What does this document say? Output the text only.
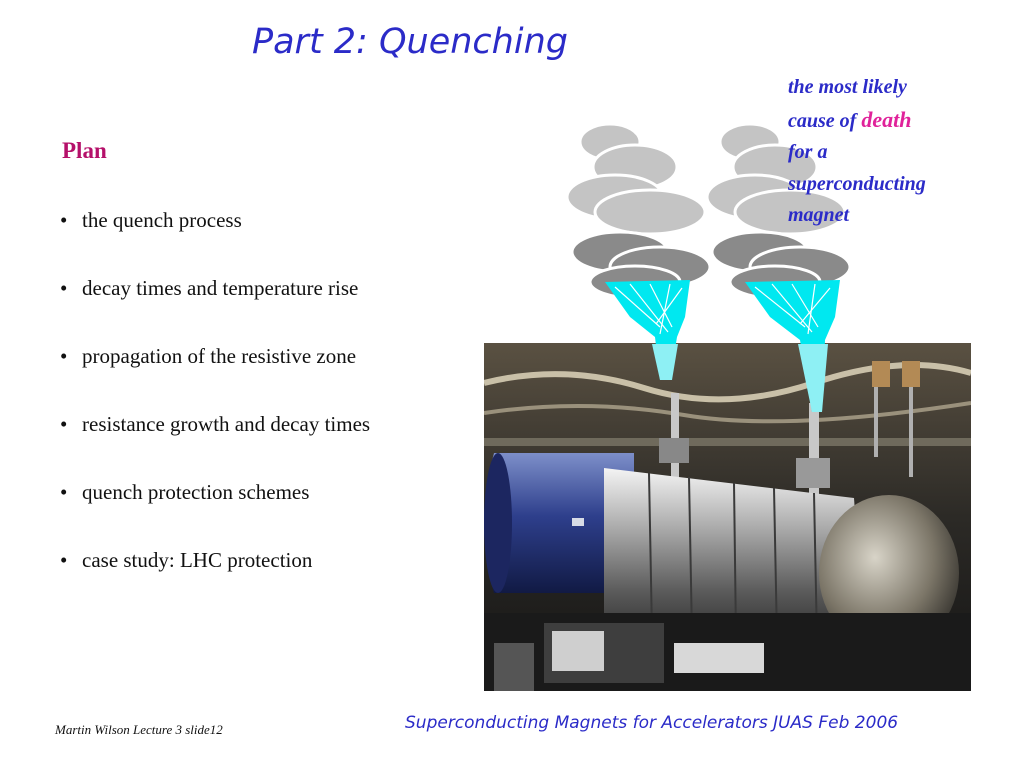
Part 2: Quenching
Plan
• the quench process
• decay times and temperature rise
• propagation of the resistive zone
• resistance growth and decay times
• quench protection schemes
• case study: LHC protection
the most likely
cause of death
for a
superconducting
magnet
Martin Wilson Lecture 3 slide12	Superconducting Magnets for Accelerators JUAS Feb 2006
